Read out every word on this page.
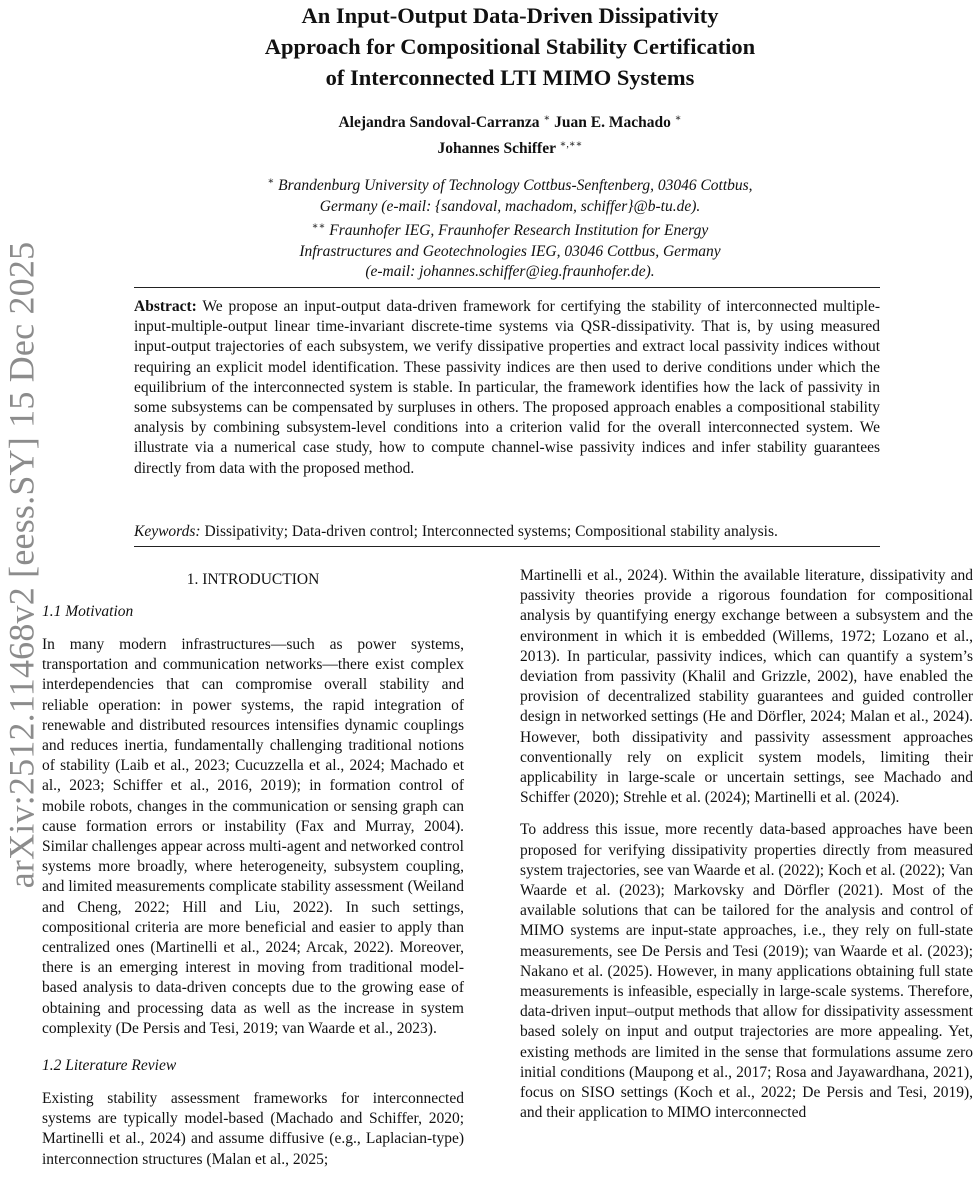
arXiv:2512.11468v2 [eess.SY] 15 Dec 2025
An Input-Output Data-Driven Dissipativity
Approach for Compositional Stability Certification
of Interconnected LTI MIMO Systems
Alejandra Sandoval-Carranza ∗ Juan E. Machado ∗
Johannes Schiffer ∗,∗∗
∗ Brandenburg University of Technology Cottbus-Senftenberg, 03046 Cottbus,
Germany (e-mail: {sandoval, machadom, schiffer}@b-tu.de).
∗∗ Fraunhofer IEG, Fraunhofer Research Institution for Energy
Infrastructures and Geotechnologies IEG, 03046 Cottbus, Germany
(e-mail: johannes.schiffer@ieg.fraunhofer.de).

Abstract: We propose an input-output data-driven framework for certifying the stability of interconnected multiple-input-multiple-output linear time-invariant discrete-time systems via QSR-dissipativity. That is, by using measured input-output trajectories of each subsystem, we verify dissipative properties and extract local passivity indices without requiring an explicit model identification. These passivity indices are then used to derive conditions under which the equilibrium of the interconnected system is stable. In particular, the framework identifies how the lack of passivity in some subsystems can be compensated by surpluses in others. The proposed approach enables a compositional stability analysis by combining subsystem-level conditions into a criterion valid for the overall interconnected system. We illustrate via a numerical case study, how to compute channel-wise passivity indices and infer stability guarantees directly from data with the proposed method.

Keywords: Dissipativity; Data-driven control; Interconnected systems; Compositional stability analysis.

1. INTRODUCTION
1.1 Motivation

In many modern infrastructures—such as power systems, transportation and communication networks—there exist complex interdependencies that can compromise overall stability and reliable operation: in power systems, the rapid integration of renewable and distributed resources intensifies dynamic couplings and reduces inertia, fundamentally challenging traditional notions of stability (Laib et al., 2023; Cucuzzella et al., 2024; Machado et al., 2023; Schiffer et al., 2016, 2019); in formation control of mobile robots, changes in the communication or sensing graph can cause formation errors or instability (Fax and Murray, 2004). Similar challenges appear across multi-agent and networked control systems more broadly, where heterogeneity, subsystem coupling, and limited measurements complicate stability assessment (Weiland and Cheng, 2022; Hill and Liu, 2022). In such settings, compositional criteria are more beneficial and easier to apply than centralized ones (Martinelli et al., 2024; Arcak, 2022). Moreover, there is an emerging interest in moving from traditional model-based analysis to data-driven concepts due to the growing ease of obtaining and processing data as well as the increase in system complexity (De Persis and Tesi, 2019; van Waarde et al., 2023).

1.2 Literature Review

Existing stability assessment frameworks for interconnected systems are typically model-based (Machado and Schiffer, 2020; Martinelli et al., 2024) and assume diffusive (e.g., Laplacian-type) interconnection structures (Malan et al., 2025;

Martinelli et al., 2024). Within the available literature, dissipativity and passivity theories provide a rigorous foundation for compositional analysis by quantifying energy exchange between a subsystem and the environment in which it is embedded (Willems, 1972; Lozano et al., 2013). In particular, passivity indices, which can quantify a system’s deviation from passivity (Khalil and Grizzle, 2002), have enabled the provision of decentralized stability guarantees and guided controller design in networked settings (He and Dörfler, 2024; Malan et al., 2024). However, both dissipativity and passivity assessment approaches conventionally rely on explicit system models, limiting their applicability in large-scale or uncertain settings, see Machado and Schiffer (2020); Strehle et al. (2024); Martinelli et al. (2024).

To address this issue, more recently data-based approaches have been proposed for verifying dissipativity properties directly from measured system trajectories, see van Waarde et al. (2022); Koch et al. (2022); Van Waarde et al. (2023); Markovsky and Dörfler (2021). Most of the available solutions that can be tailored for the analysis and control of MIMO systems are input-state approaches, i.e., they rely on full-state measurements, see De Persis and Tesi (2019); van Waarde et al. (2023); Nakano et al. (2025). However, in many applications obtaining full state measurements is infeasible, especially in large-scale systems. Therefore, data-driven input–output methods that allow for dissipativity assessment based solely on input and output trajectories are more appealing. Yet, existing methods are limited in the sense that formulations assume zero initial conditions (Maupong et al., 2017; Rosa and Jayawardhana, 2021), focus on SISO settings (Koch et al., 2022; De Persis and Tesi, 2019), and their application to MIMO interconnected
